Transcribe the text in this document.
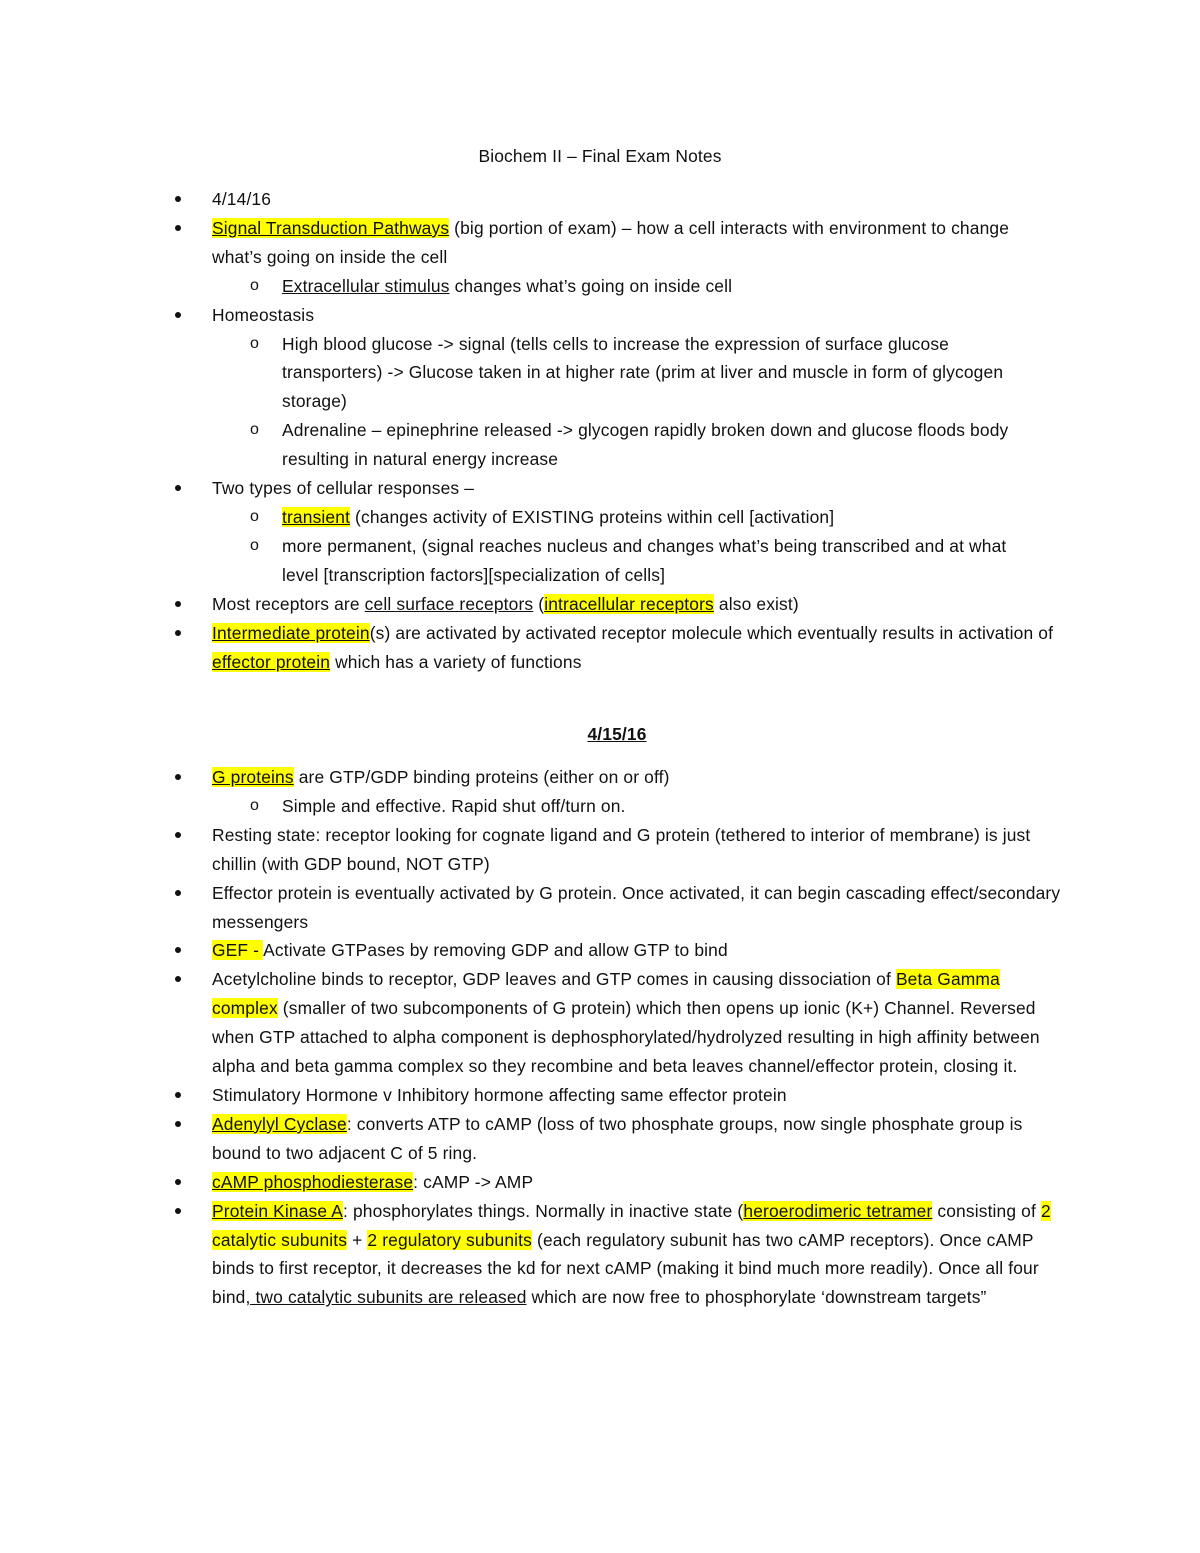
Biochem II – Final Exam Notes
4/14/16
Signal Transduction Pathways (big portion of exam) – how a cell interacts with environment to change what’s going on inside the cell
o Extracellular stimulus changes what’s going on inside cell
Homeostasis
o High blood glucose -> signal (tells cells to increase the expression of surface glucose transporters) -> Glucose taken in at higher rate (prim at liver and muscle in form of glycogen storage)
o Adrenaline – epinephrine released -> glycogen rapidly broken down and glucose floods body resulting in natural energy increase
Two types of cellular responses –
o transient (changes activity of EXISTING proteins within cell [activation]
o more permanent, (signal reaches nucleus and changes what’s being transcribed and at what level [transcription factors][specialization of cells]
Most receptors are cell surface receptors (intracellular receptors also exist)
Intermediate protein(s) are activated by activated receptor molecule which eventually results in activation of effector protein which has a variety of functions
4/15/16
G proteins are GTP/GDP binding proteins (either on or off)
o Simple and effective. Rapid shut off/turn on.
Resting state: receptor looking for cognate ligand and G protein (tethered to interior of membrane) is just chillin (with GDP bound, NOT GTP)
Effector protein is eventually activated by G protein. Once activated, it can begin cascading effect/secondary messengers
GEF - Activate GTPases by removing GDP and allow GTP to bind
Acetylcholine binds to receptor, GDP leaves and GTP comes in causing dissociation of Beta Gamma complex (smaller of two subcomponents of G protein) which then opens up ionic (K+) Channel. Reversed when GTP attached to alpha component is dephosphorylated/hydrolyzed resulting in high affinity between alpha and beta gamma complex so they recombine and beta leaves channel/effector protein, closing it.
Stimulatory Hormone v Inhibitory hormone affecting same effector protein
Adenylyl Cyclase: converts ATP to cAMP (loss of two phosphate groups, now single phosphate group is bound to two adjacent C of 5 ring.
cAMP phosphodiesterase: cAMP -> AMP
Protein Kinase A: phosphorylates things. Normally in inactive state (heroerodimeric tetramer consisting of 2 catalytic subunits + 2 regulatory subunits (each regulatory subunit has two cAMP receptors). Once cAMP binds to first receptor, it decreases the kd for next cAMP (making it bind much more readily). Once all four bind, two catalytic subunits are released which are now free to phosphorylate ‘downstream targets”
